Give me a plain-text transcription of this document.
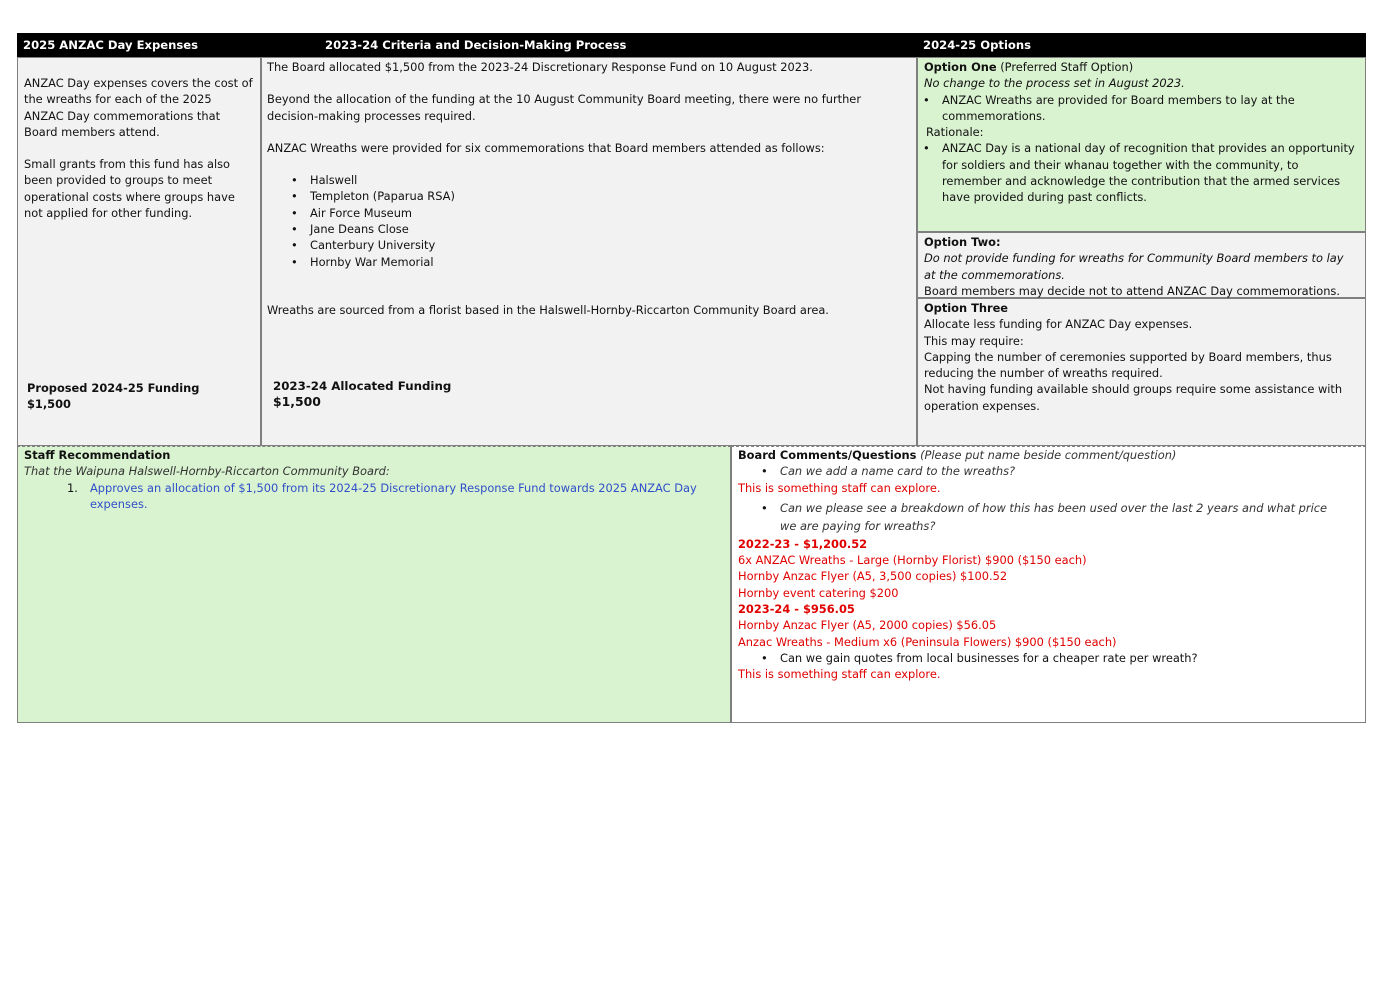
2025 ANZAC Day Expenses	2023-24 Criteria and Decision-Making Process	2024-25 Options

ANZAC Day expenses covers the cost of the wreaths for each of the 2025 ANZAC Day commemorations that Board members attend.

Small grants from this fund has also been provided to groups to meet operational costs where groups have not applied for other funding.

Proposed 2024-25 Funding

$1,500

The Board allocated $1,500 from the 2023-24 Discretionary Response Fund on 10 August 2023.

Beyond the allocation of the funding at the 10 August Community Board meeting, there were no further decision-making processes required.

ANZAC Wreaths were provided for six commemorations that Board members attended as follows:

• Halswell
• Templeton (Paparua RSA)
• Air Force Museum
• Jane Deans Close
• Canterbury University
• Hornby War Memorial

Wreaths are sourced from a florist based in the Halswell-Hornby-Riccarton Community Board area.

2023-24 Allocated Funding

$1,500

Option One (Preferred Staff Option)

No change to the process set in August 2023.

• ANZAC Wreaths are provided for Board members to lay at the commemorations.

Rationale:

• ANZAC Day is a national day of recognition that provides an opportunity for soldiers and their whanau together with the community, to remember and acknowledge the contribution that the armed services have provided during past conflicts.

Option Two:

Do not provide funding for wreaths for Community Board members to lay at the commemorations.

Board members may decide not to attend ANZAC Day commemorations.

Option Three

Allocate less funding for ANZAC Day expenses.

This may require:

Capping the number of ceremonies supported by Board members, thus reducing the number of wreaths required.

Not having funding available should groups require some assistance with operation expenses.

Staff Recommendation

That the Waipuna Halswell-Hornby-Riccarton Community Board:

1. Approves an allocation of $1,500 from its 2024-25 Discretionary Response Fund towards 2025 ANZAC Day expenses.

Board Comments/Questions (Please put name beside comment/question)

• Can we add a name card to the wreaths?

This is something staff can explore.

• Can we please see a breakdown of how this has been used over the last 2 years and what price we are paying for wreaths?

2022-23 - $1,200.52

6x ANZAC Wreaths - Large (Hornby Florist) $900 ($150 each)

Hornby Anzac Flyer (A5, 3,500 copies) $100.52

Hornby event catering $200

2023-24 - $956.05

Hornby Anzac Flyer (A5, 2000 copies) $56.05

Anzac Wreaths - Medium x6 (Peninsula Flowers) $900 ($150 each)

• Can we gain quotes from local businesses for a cheaper rate per wreath?

This is something staff can explore.
